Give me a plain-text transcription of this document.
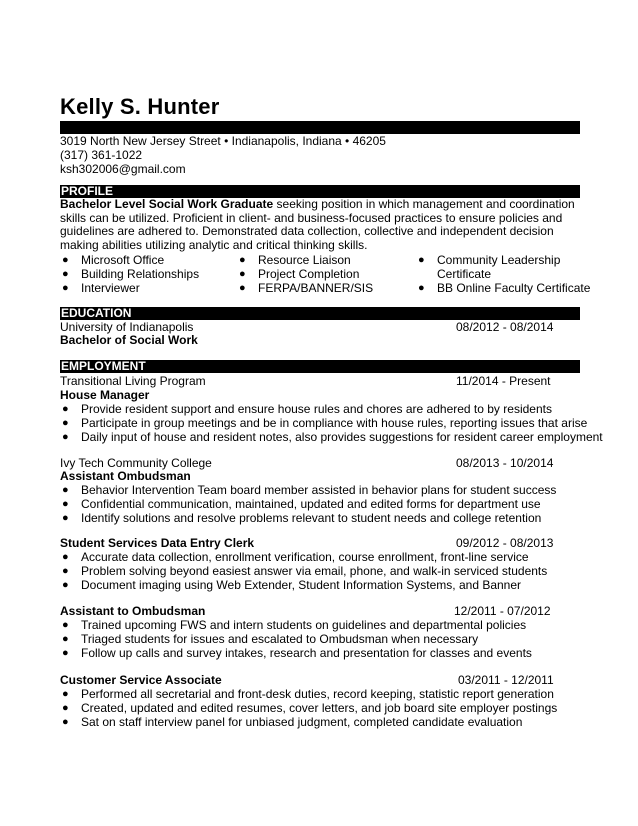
Kelly S. Hunter
3019 North New Jersey Street • Indianapolis, Indiana • 46205
(317) 361-1022
ksh302006@gmail.com
PROFILE
Bachelor Level Social Work Graduate seeking position in which management and coordination skills can be utilized. Proficient in client- and business-focused practices to ensure policies and guidelines are adhered to. Demonstrated data collection, collective and independent decision making abilities utilizing analytic and critical thinking skills.
● Microsoft Office
● Building Relationships
● Interviewer
● Resource Liaison
● Project Completion
● FERPA/BANNER/SIS
● Community Leadership
Certificate
● BB Online Faculty Certificate
EDUCATION
University of Indianapolis	08/2012 - 08/2014
Bachelor of Social Work
EMPLOYMENT
Transitional Living Program	11/2014 - Present
House Manager
● Provide resident support and ensure house rules and chores are adhered to by residents
● Participate in group meetings and be in compliance with house rules, reporting issues that arise
● Daily input of house and resident notes, also provides suggestions for resident career employment
Ivy Tech Community College	08/2013 - 10/2014
Assistant Ombudsman
● Behavior Intervention Team board member assisted in behavior plans for student success
● Confidential communication, maintained, updated and edited forms for department use
● Identify solutions and resolve problems relevant to student needs and college retention
Student Services Data Entry Clerk	09/2012 - 08/2013
● Accurate data collection, enrollment verification, course enrollment, front-line service
● Problem solving beyond easiest answer via email, phone, and walk-in serviced students
● Document imaging using Web Extender, Student Information Systems, and Banner
Assistant to Ombudsman	12/2011 - 07/2012
● Trained upcoming FWS and intern students on guidelines and departmental policies
● Triaged students for issues and escalated to Ombudsman when necessary
● Follow up calls and survey intakes, research and presentation for classes and events
Customer Service Associate	03/2011 - 12/2011
● Performed all secretarial and front-desk duties, record keeping, statistic report generation
● Created, updated and edited resumes, cover letters, and job board site employer postings
● Sat on staff interview panel for unbiased judgment, completed candidate evaluation
